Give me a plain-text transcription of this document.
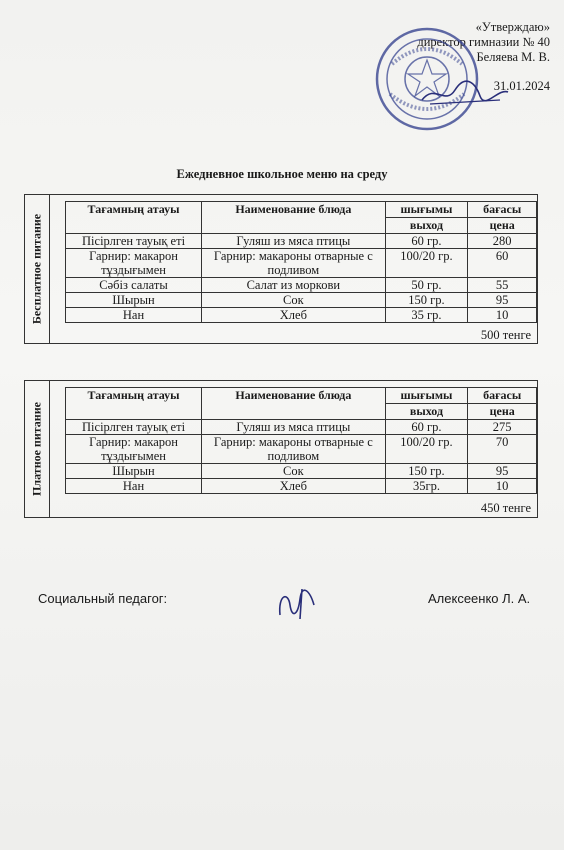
«Утверждаю»
директор гимназии № 40
Беляева М. В.
31.01.2024
Ежедневное школьное меню на среду
Бесплатное питание
Тағамның атауы	Наименование блюда	шығымы	бағасы
		выход	цена
Пісірлген тауық еті	Гуляш из мяса птицы	60 гр.	280
Гарнир: макарон тұздығымен	Гарнир: макароны отварные с подливом	100/20 гр.	60
Сәбіз салаты	Салат из моркови	50 гр.	55
Шырын	Сок	150 гр.	95
Нан	Хлеб	35 гр.	10
500 тенге
Платное питание
Тағамның атауы	Наименование блюда	шығымы	бағасы
		выход	цена
Пісірлген тауық еті	Гуляш из мяса птицы	60 гр.	275
Гарнир: макарон тұздығымен	Гарнир: макароны отварные с подливом	100/20 гр.	70
Шырын	Сок	150 гр.	95
Нан	Хлеб	35гр.	10
450 тенге
Социальный педагог:	Алексеенко Л. А.
